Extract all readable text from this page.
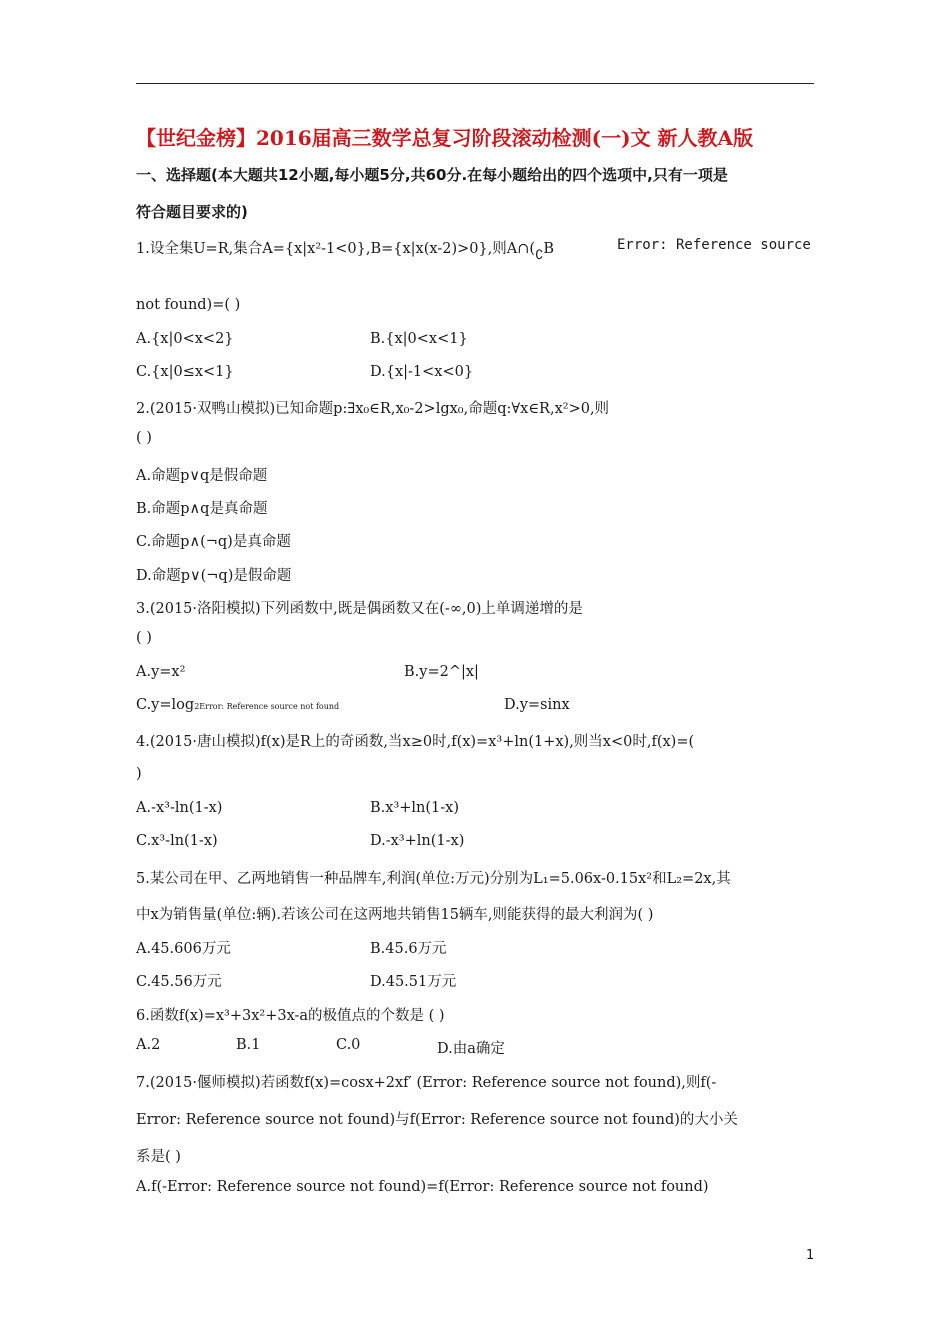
【世纪金榜】2016届高三数学总复习阶段滚动检测(一)文 新人教A版
一、选择题(本大题共12小题,每小题5分,共60分.在每小题给出的四个选项中,只有一项是
符合题目要求的)
1.设全集U=R,集合A={x|x²-1<0},B={x|x(x-2)>0},则A∩(∁B	Error: Reference source
not found)=( )
A.{x|0<x<2}	B.{x|0<x<1}
C.{x|0≤x<1}	D.{x|-1<x<0}
2.(2015·双鸭山模拟)已知命题p:∃x₀∈R,x₀-2>lgx₀,命题q:∀x∈R,x²>0,则
( )
A.命题p∨q是假命题
B.命题p∧q是真命题
C.命题p∧(¬q)是真命题
D.命题p∨(¬q)是假命题
3.(2015·洛阳模拟)下列函数中,既是偶函数又在(-∞,0)上单调递增的是
( )
A.y=x²	B.y=2^|x|
C.y=log2Error: Reference source not found	D.y=sinx
4.(2015·唐山模拟)f(x)是R上的奇函数,当x≥0时,f(x)=x³+ln(1+x),则当x<0时,f(x)=(
)
A.-x³-ln(1-x)	B.x³+ln(1-x)
C.x³-ln(1-x)	D.-x³+ln(1-x)
5.某公司在甲、乙两地销售一种品牌车,利润(单位:万元)分别为L₁=5.06x-0.15x²和L₂=2x,其
中x为销售量(单位:辆).若该公司在这两地共销售15辆车,则能获得的最大利润为( )
A.45.606万元	B.45.6万元
C.45.56万元	D.45.51万元
6.函数f(x)=x³+3x²+3x-a的极值点的个数是 ( )
A.2	B.1	C.0	D.由a确定
7.(2015·偃师模拟)若函数f(x)=cosx+2xf′ (Error: Reference source not found),则f(-
Error: Reference source not found)与f(Error: Reference source not found)的大小关
系是( )
A.f(-Error: Reference source not found)=f(Error: Reference source not found)
1
